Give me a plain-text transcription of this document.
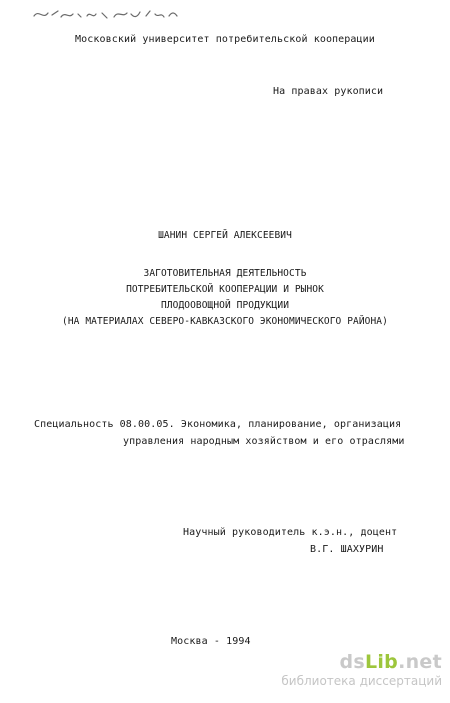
Московский университет потребительской кооперации
На правах рукописи
ШАНИН СЕРГЕЙ АЛЕКСЕЕВИЧ
ЗАГОТОВИТЕЛЬНАЯ ДЕЯТЕЛЬНОСТЬ
ПОТРЕБИТЕЛЬСКОЙ КООПЕРАЦИИ И РЫНОК
ПЛОДООВОЩНОЙ ПРОДУКЦИИ
(НА МАТЕРИАЛАХ СЕВЕРО-КАВКАЗСКОГО ЭКОНОМИЧЕСКОГО РАЙОНА)
Специальность 08.00.05. Экономика, планирование, организация
управления народным хозяйством и его отраслями
Научный руководитель к.э.н., доцент
В.Г. ШАХУРИН
Москва - 1994
dsLib.net
библиотека диссертаций
